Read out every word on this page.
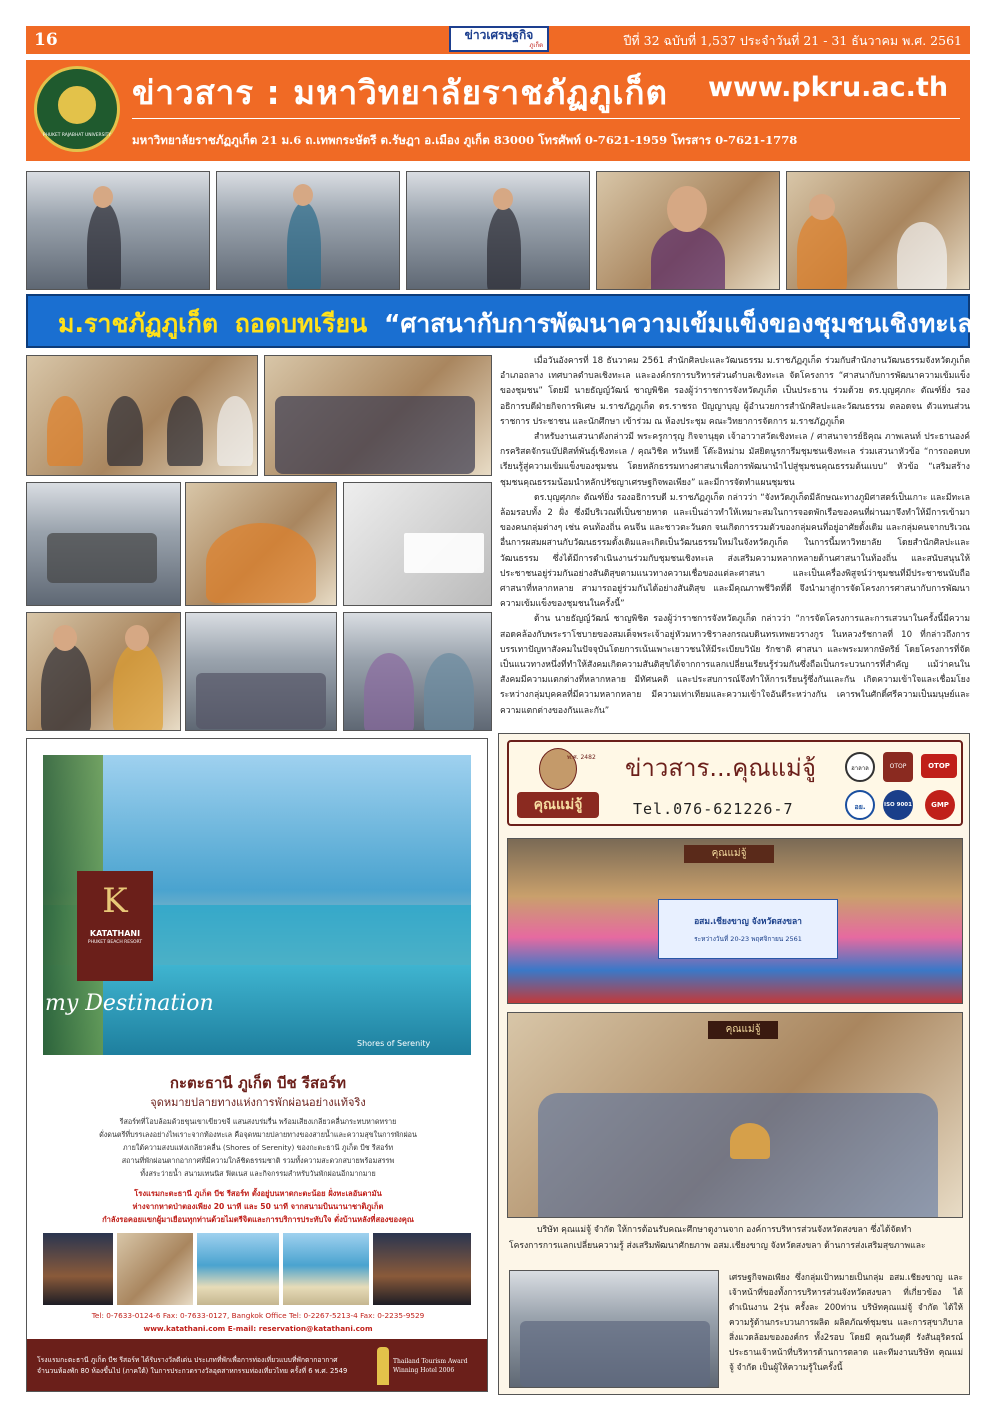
16	ข่าวเศรษฐกิจ
ภูเก็ต	ปีที่ 32 ฉบับที่ 1,537 ประจำวันที่ 21 - 31 ธันวาคม พ.ศ. 2561
PHUKET RAJABHAT UNIVERSITY
ข่าวสาร : มหาวิทยาลัยราชภัฏภูเก็ต www.pkru.ac.th
มหาวิทยาลัยราชภัฏภูเก็ต 21 ม.6 ถ.เทพกระษัตรี ต.รัษฎา อ.เมือง ภูเก็ต 83000 โทรศัพท์ 0-7621-1959 โทรสาร 0-7621-1778
ม.ราชภัฏภูเก็ต ถอดบทเรียน “ศาสนากับการพัฒนาความเข้มแข็งของชุมชนเชิงทะเล”

เมื่อวันอังคารที่ 18 ธันวาคม 2561 สำนักศิลปะและวัฒนธรรม ม.ราชภัฏภูเก็ต ร่วมกับสำนักงานวัฒนธรรมจังหวัดภูเก็ต อำเภอถลาง เทศบาลตำบลเชิงทะเล และองค์กรการบริหารส่วนตำบลเชิงทะเล จัดโครงการ “ศาสนากับการพัฒนาความเข้มแข็งของชุมชน” โดยมี นายธัญญ์วัฒน์ ชาญพิชิต รองผู้ว่าราชการจังหวัดภูเก็ต เป็นประธาน ร่วมด้วย ดร.บุญศุภกะ ตัณฑ์ยิ่ง รองอธิการบดีฝ่ายกิจการพิเศษ ม.ราชภัฏภูเก็ต ดร.ราชรถ ปัญญาบุญ ผู้อำนวยการสำนักศิลปะและวัฒนธรรม ตลอดจน ตัวแทนส่วนราชการ ประชาชน และนักศึกษา เข้าร่วม ณ ห้องประชุม คณะวิทยาการจัดการ ม.ราชภัฏภูเก็ต

สำหรับงานเสวนาดังกล่าวมี พระครูการุญ กิจจานุยุต เจ้าอาวาสวัดเชิงทะเล / ศาสนาจารย์ธิคุณ ภาพเลนท์ ประธานองค์กรคริสตจักรแบ๊ปติสท์พันธุ์เชิงทะเล / คุณวิชิต หวันหยี โต๊ะอิหม่าม มัสยิดนูรการีมชุมชนเชิงทะเล ร่วมเสวนาหัวข้อ “การถอดบทเรียนรู้สู่ความเข้มแข็งของชุมชน โดยหลักธรรมทางศาสนาเพื่อการพัฒนานำไปสู่ชุมชนคุณธรรมต้นแบบ” หัวข้อ “เสริมสร้างชุมชนคุณธรรมน้อมนำหลักปรัชญาเศรษฐกิจพอเพียง” และมีการจัดทำแผนชุมชน

ดร.บุญศุภกะ ตัณฑ์ยิ่ง รองอธิการบดี ม.ราชภัฏภูเก็ต กล่าวว่า “จังหวัดภูเก็ตมีลักษณะทางภูมิศาสตร์เป็นเกาะ และมีทะเลล้อมรอบทั้ง 2 ฝั่ง ซึ่งมีบริเวณที่เป็นชายหาด และเป็นอ่าวทำให้เหมาะสมในการจอดพักเรือของคนที่ผ่านมาจึงทำให้มีการเข้ามาของคนกลุ่มต่างๆ เช่น คนท้องถิ่น คนจีน และชาวตะวันตก จนเกิดการรวมตัวของกลุ่มคนที่อยู่อาศัยดั้งเดิม และกลุ่มคนจากบริเวณอื่นการผสมผสานกับวัฒนธรรมดั้งเดิมและเกิดเป็นวัฒนธรรมใหม่ในจังหวัดภูเก็ต ในการนี้มหาวิทยาลัย โดยสำนักศิลปะและวัฒนธรรม ซึ่งได้มีการดำเนินงานร่วมกับชุมชนเชิงทะเล ส่งเสริมความหลากหลายด้านศาสนาในท้องถิ่น และสนับสนุนให้ประชาชนอยู่ร่วมกันอย่างสันติสุขตามแนวทางความเชื่อของแต่ละศาสนา และเป็นเครื่องพิสูจน์ว่าชุมชนที่มีประชาชนนับถือศาสนาที่หลากหลาย สามารถอยู่ร่วมกันได้อย่างสันติสุข และมีคุณภาพชีวิตที่ดี จึงนำมาสู่การจัดโครงการศาสนากับการพัฒนาความเข้มแข็งของชุมชนในครั้งนี้”

ด้าน นายธัญญ์วัฒน์ ชาญพิชิต รองผู้ว่าราชการจังหวัดภูเก็ต กล่าวว่า “การจัดโครงการและการเสวนาในครั้งนี้มีความสอดคล้องกับพระราโชบายของสมเด็จพระเจ้าอยู่หัวมหาวชิราลงกรณบดินทรเทพยวรางกูร ในหลวงรัชกาลที่ 10 ที่กล่าวถึงการบรรเทาปัญหาสังคมในปัจจุบันโดยการเน้นเพาะเยาวชนให้มีระเบียบวินัย รักชาติ ศาสนา และพระมหากษัตริย์ โดยโครงการที่จัดเป็นแนวทางหนึ่งที่ทำให้สังคมเกิดความสันติสุขได้จากการแลกเปลี่ยนเรียนรู้ร่วมกันซึ่งถือเป็นกระบวนการที่สำคัญ แม้ว่าคนในสังคมมีความแตกต่างที่หลากหลาย มีทัศนคติ และประสบการณ์จึงทำให้การเรียนรู้ซึ่งกันและกัน เกิดความเข้าใจและเชื่อมโยง ระหว่างกลุ่มบุคคลที่มีความหลากหลาย มีความเท่าเทียมและความเข้าใจอันดีระหว่างกัน เคารพในศักดิ์ศรีความเป็นมนุษย์และความแตกต่างของกันและกัน”

K
KATATHANI
PHUKET BEACH RESORT
my Destination
Shores of Serenity
กะตะธานี ภูเก็ต บีช รีสอร์ท
จุดหมายปลายทางแห่งการพักผ่อนอย่างแท้จริง
รีสอร์ทที่โอบล้อมด้วยขุนเขาเขียวขจี แสนสงบร่มรื่น พร้อมเสียงเกลียวคลื่นกระทบหาดทราย
ดั่งดนตรีที่บรรเลงอย่างไพเราะจากท้องทะเล คือจุดหมายปลายทางของสายน้ำและความสุขในการพักผ่อน
ภายใต้ความสงบแห่งเกลียวคลื่น (Shores of Serenity) ของกะตะธานี ภูเก็ต บีช รีสอร์ท
สถานที่พักผ่อนตากอากาศที่มีความใกล้ชิดธรรมชาติ รวมทั้งความสะดวกสบายพร้อมสรรพ
ทั้งสระว่ายน้ำ สนามเทนนิส ฟิตเนส และกิจกรรมสำหรับวันพักผ่อนอีกมากมาย
โรงแรมกะตะธานี ภูเก็ต บีช รีสอร์ท ตั้งอยู่บนหาดกะตะน้อย ฝั่งทะเลอันดามัน
ห่างจากหาดป่าตองเพียง 20 นาที และ 50 นาที จากสนามบินนานาชาติภูเก็ต
กำลังรอคอยแขกผู้มาเยือนทุกท่านด้วยไมตรีจิตและการบริการประทับใจ ดั่งบ้านหลังที่สองของคุณ
Tel: 0-7633-0124-6 Fax: 0-7633-0127, Bangkok Office Tel: 0-2267-5213-4 Fax: 0-2235-9529
www.katathani.com E-mail: reservation@katathani.com
โรงแรมกะตะธานี ภูเก็ต บีช รีสอร์ท ได้รับรางวัลดีเด่น ประเภทที่พักเพื่อการท่องเที่ยวแบบที่พักตากอากาศ
จำนวนห้องพัก 80 ห้องขึ้นไป (ภาคใต้) ในการประกวดรางวัลอุตสาหกรรมท่องเที่ยวไทย ครั้งที่ 6 พ.ศ. 2549
Thailand Tourism Award
Winning Hotel 2006
พ.ศ. 2482
คุณแม่จู้
ข่าวสาร...คุณแม่จู้
Tel.076-621226-7
ฮาลาล	OTOP	OTOP
อย.	ISO 9001	GMP
คุณแม่จู้
อสม.เชียงขาญ จังหวัดสงขลา
ระหว่างวันที่ 20-23 พฤศจิกายน 2561
คุณแม่จู้
บริษัท คุณแม่จู้ จำกัด ให้การต้อนรับคณะศึกษาดูงานจาก องค์การบริหารส่วนจังหวัดสงขลา ซึ่งได้จัดทำ
โครงการการแลกเปลี่ยนความรู้ ส่งเสริมพัฒนาศักยภาพ อสม.เชียงขาญ จังหวัดสงขลา ด้านการส่งเสริมสุขภาพและ
เศรษฐกิจพอเพียง ซึ่งกลุ่มเป้าหมายเป็นกลุ่ม อสม.เชียงขาญ และเจ้าหน้าที่ของทั้งการบริหารส่วนจังหวัดสงขลา ที่เกี่ยวข้อง ได้ดำเนินงาน 2รุ่น ครั้งละ 200ท่าน บริษัทคุณแม่จู้ จำกัด ได้ให้ความรู้ด้านกระบวนการผลิต ผลิตภัณฑ์ชุมชน และการสุขาภิบาลสิ่งแวดล้อมขององค์กร ทั้ง2รอบ โดยมี คุณวันดุดี รังสันอุริตรณ์ ประธานเจ้าหน้าที่บริหารด้านการตลาด และทีมงานบริษัท คุณแม่จู้ จำกัด เป็นผู้ให้ความรู้ในครั้งนี้
